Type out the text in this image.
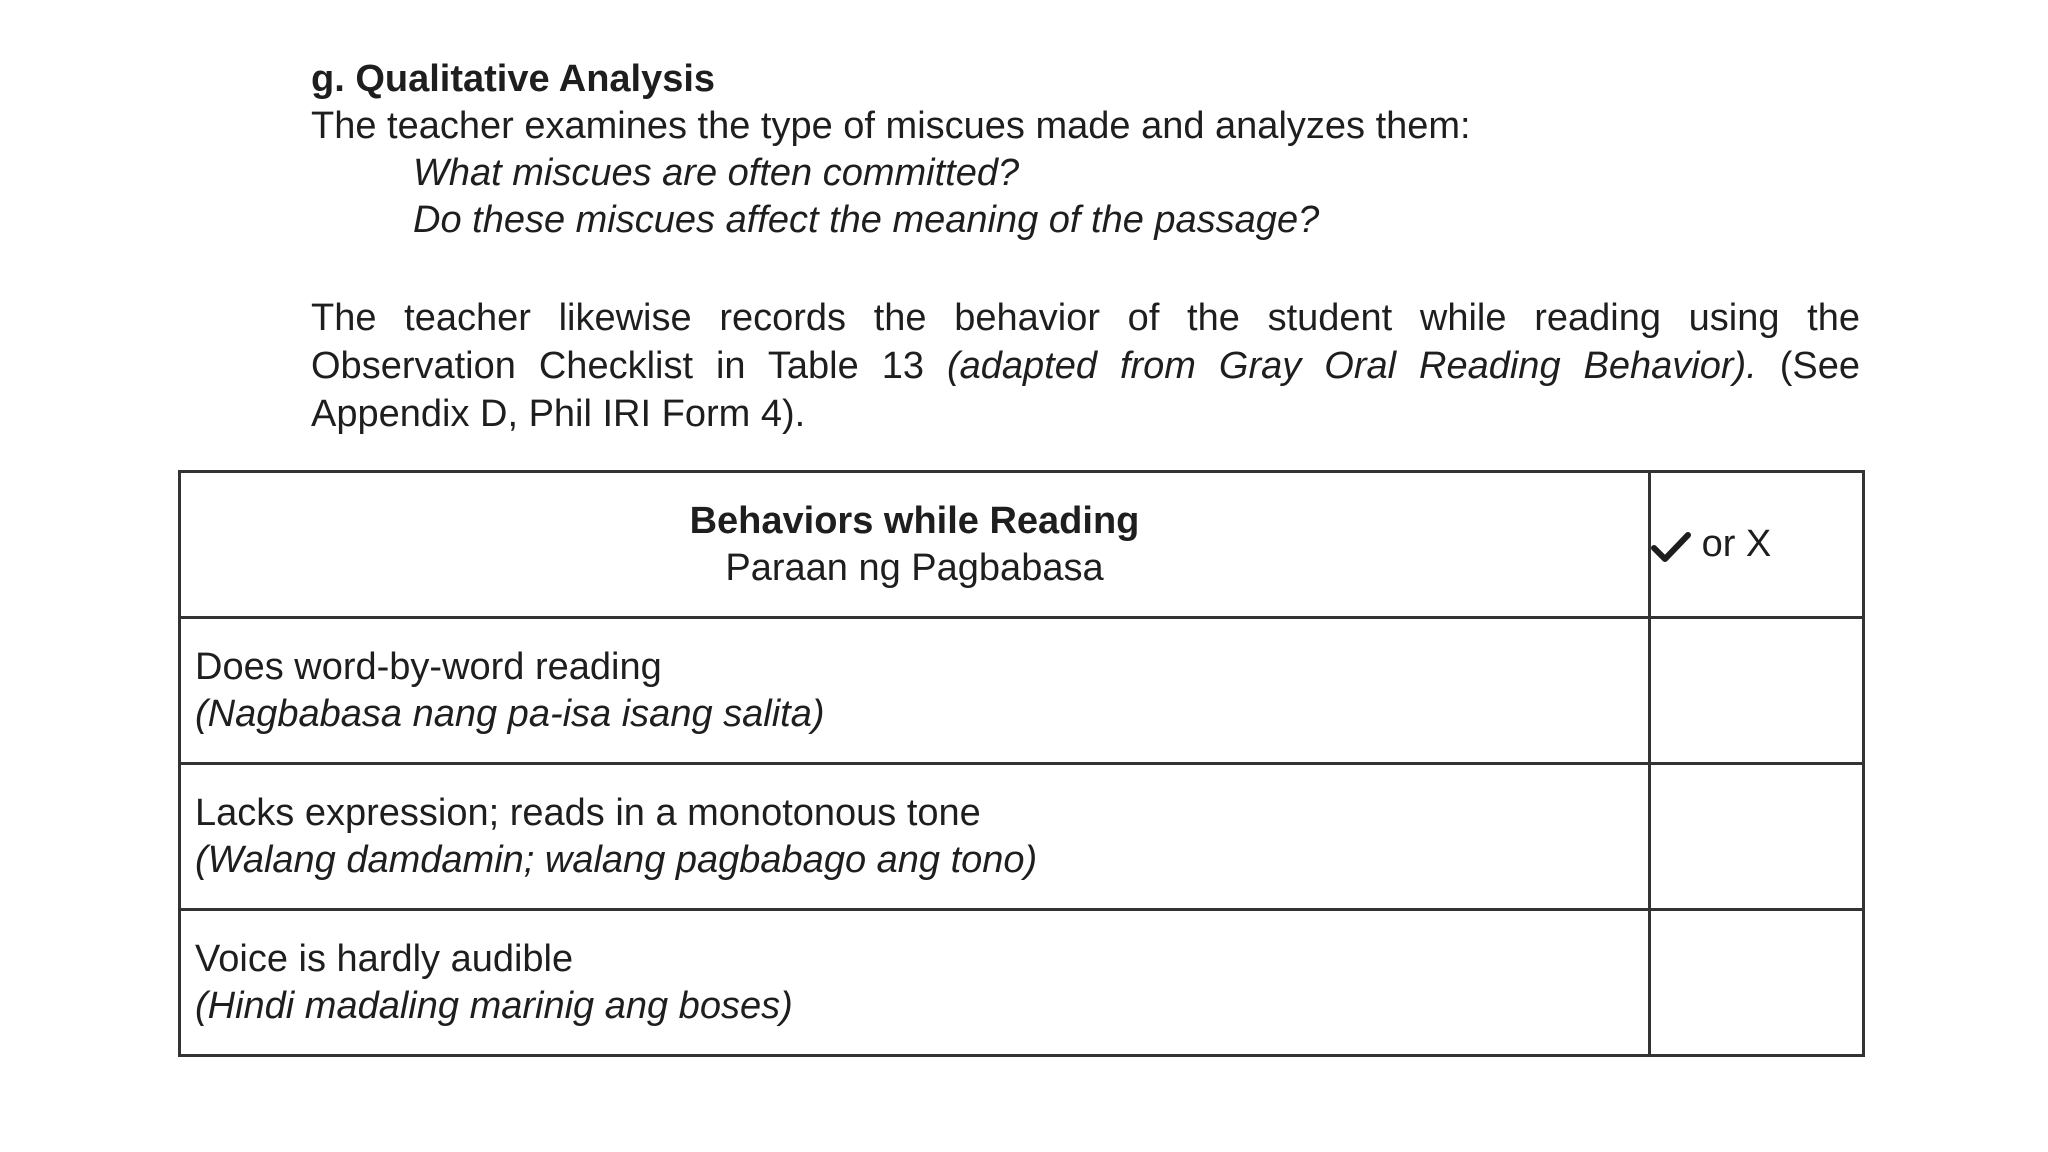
g. Qualitative Analysis

The teacher examines the type of miscues made and analyzes them:

What miscues are often committed?

Do these miscues affect the meaning of the passage?

The teacher likewise records the behavior of the student while reading using the Observation Checklist in Table 13 (adapted from Gray Oral Reading Behavior). (See Appendix D, Phil IRI Form 4).

Behaviors while Reading
Paraan ng Pagbabasa	or X

Does word-by-word reading
(Nagbabasa nang pa-isa isang salita)	

Lacks expression; reads in a monotonous tone
(Walang damdamin; walang pagbabago ang tono)	

Voice is hardly audible
(Hindi madaling marinig ang boses)	
